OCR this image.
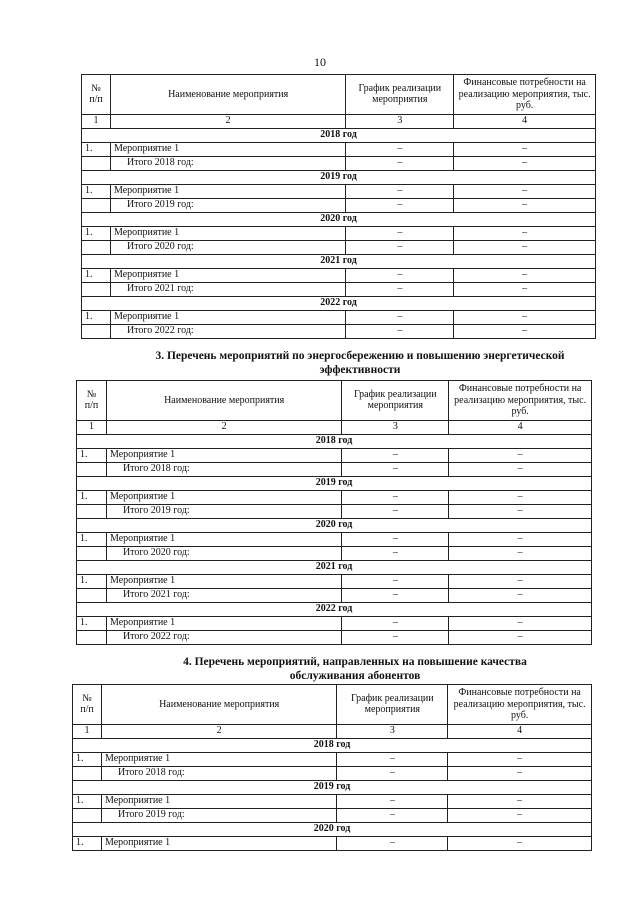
10
№
п/п	Наименование мероприятия	График реализации мероприятия	Финансовые потребности на реализацию мероприятия, тыс. руб.
1	2	3	4
2018 год			
1.	Мероприятие 1	–	–
	Итого 2018 год:	–	–
2019 год			
1.	Мероприятие 1	–	–
	Итого 2019 год:	–	–
2020 год			
1.	Мероприятие 1	–	–
	Итого 2020 год:	–	–
2021 год			
1.	Мероприятие 1	–	–
	Итого 2021 год:	–	–
2022 год			
1.	Мероприятие 1	–	–
	Итого 2022 год:	–	–
3. Перечень мероприятий по энергосбережению и повышению энергетической
эффективности
№
п/п	Наименование мероприятия	График реализации мероприятия	Финансовые потребности на реализацию мероприятия, тыс. руб.
1	2	3	4
2018 год			
1.	Мероприятие 1	–	–
	Итого 2018 год:	–	–
2019 год			
1.	Мероприятие 1	–	–
	Итого 2019 год:	–	–
2020 год			
1.	Мероприятие 1	–	–
	Итого 2020 год:	–	–
2021 год			
1.	Мероприятие 1	–	–
	Итого 2021 год:	–	–
2022 год			
1.	Мероприятие 1	–	–
	Итого 2022 год:	–	–
4. Перечень мероприятий, направленных на повышение качества
обслуживания абонентов
№
п/п	Наименование мероприятия	График реализации мероприятия	Финансовые потребности на реализацию мероприятия, тыс. руб.
1	2	3	4
2018 год			
1.	Мероприятие 1	–	–
	Итого 2018 год:	–	–
2019 год			
1.	Мероприятие 1	–	–
	Итого 2019 год:	–	–
2020 год			
1.	Мероприятие 1	–	–
